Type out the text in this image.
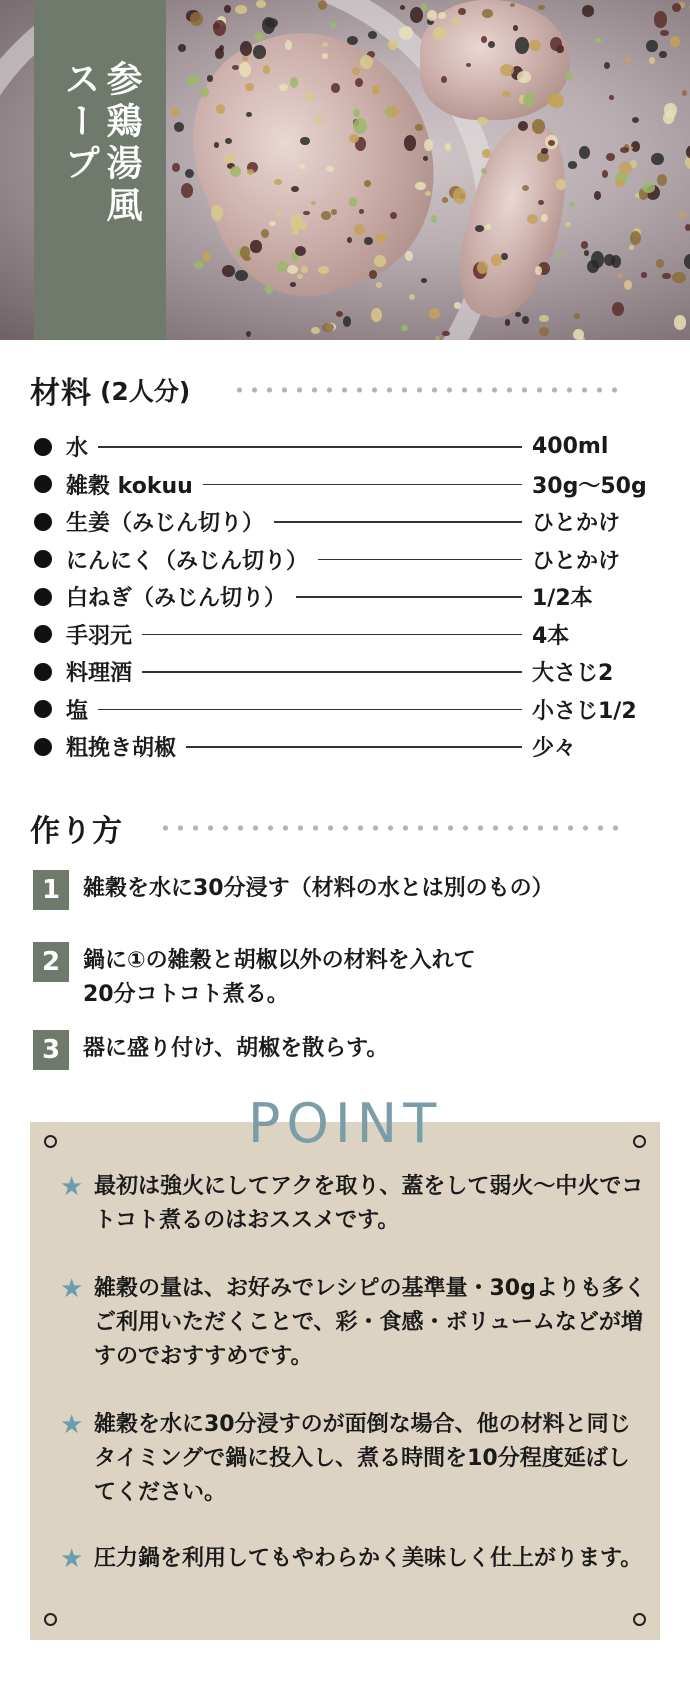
参鶏湯風
スープ
材料 (2人分)
水	400ml
雑穀 kokuu	30g～50g
生姜（みじん切り）	ひとかけ
にんにく（みじん切り）	ひとかけ
白ねぎ（みじん切り）	1/2本
手羽元	4本
料理酒	大さじ2
塩	小さじ1/2
粗挽き胡椒	少々
作り方
1	雑穀を水に30分浸す（材料の水とは別のもの）
2	鍋に①の雑穀と胡椒以外の材料を入れて
20分コトコト煮る。
3	器に盛り付け、胡椒を散らす。
POINT
★ 最初は強火にしてアクを取り、蓋をして弱火～中火でコトコト煮るのはおススメです。
★ 雑穀の量は、お好みでレシピの基準量・30gよりも多くご利用いただくことで、彩・食感・ボリュームなどが増すのでおすすめです。
★ 雑穀を水に30分浸すのが面倒な場合、他の材料と同じタイミングで鍋に投入し、煮る時間を10分程度延ばしてください。
★ 圧力鍋を利用してもやわらかく美味しく仕上がります。
